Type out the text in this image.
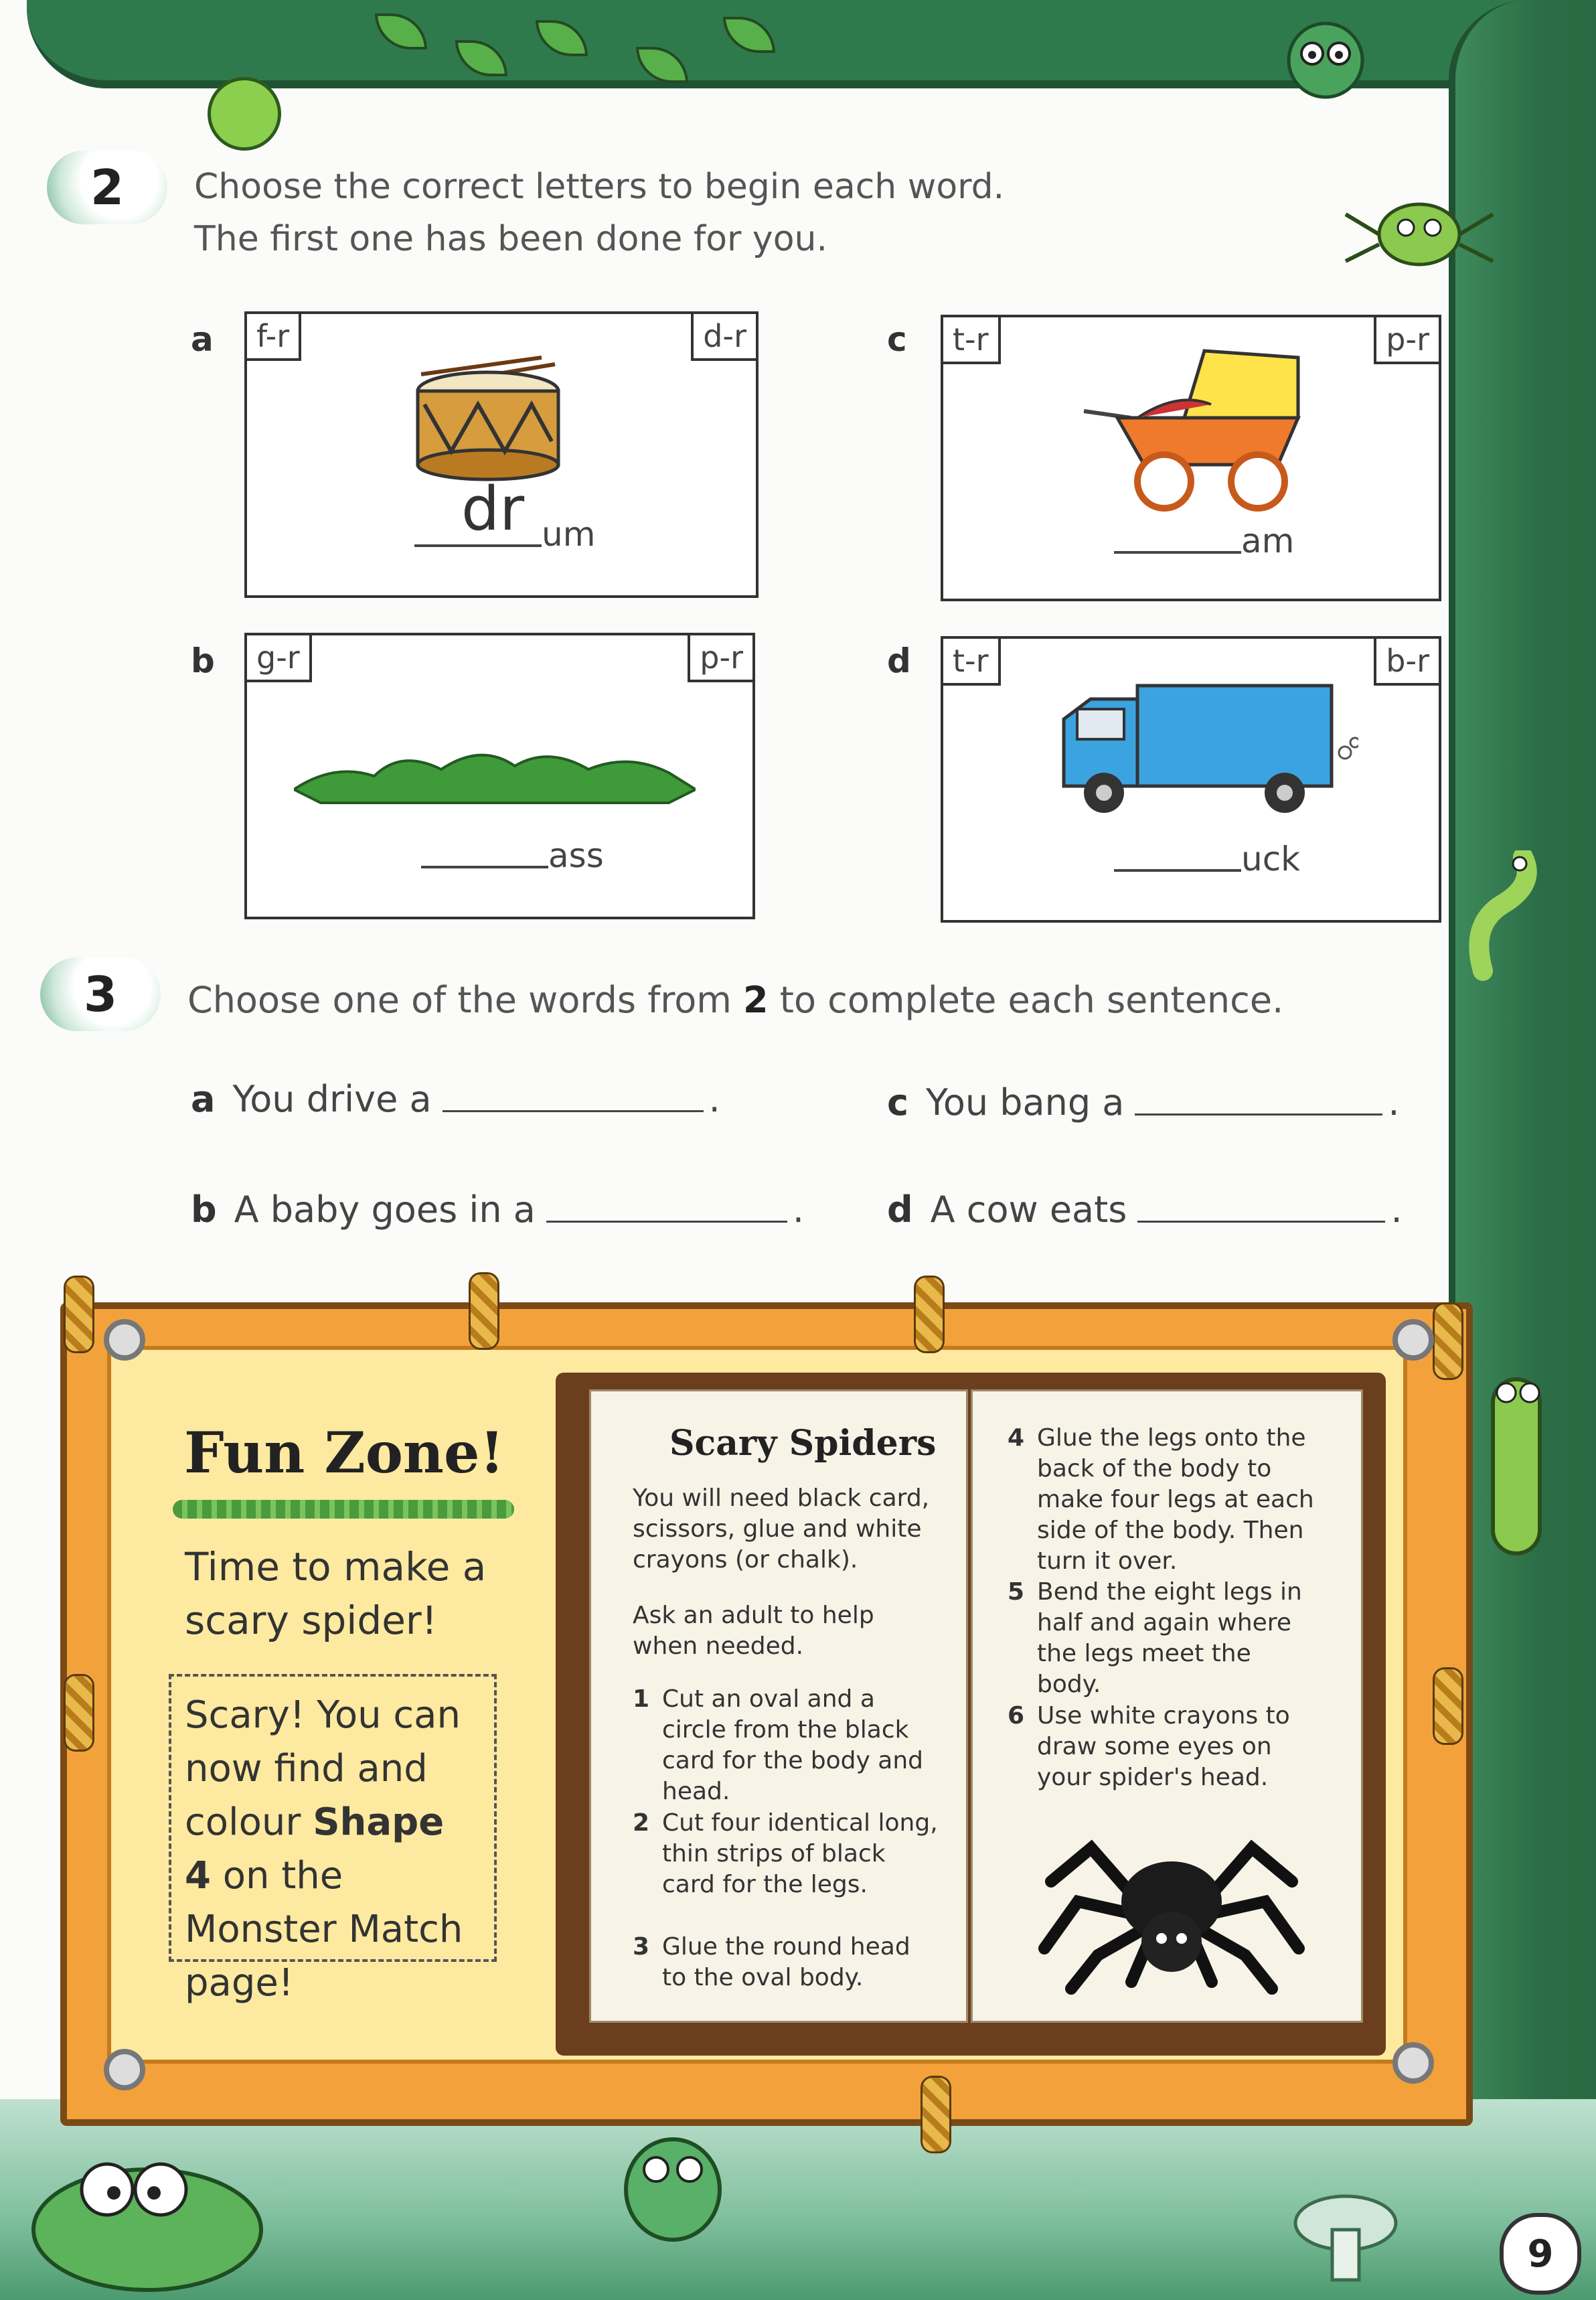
2	Choose the correct letters to begin each word.
The first one has been done for you.
a	f-r	d-r
dr um
c	t-r	p-r
am
b	g-r	p-r
ass
d	t-r	b-r
uck
3	Choose one of the words from 2 to complete each sentence.
a You drive a	.	c You bang a	.
b A baby goes in a	. d A cow eats	.
Fun Zone!
Time to make a scary spider!
Scary! You can now find and colour Shape 4 on the Monster Match page!
Scary Spiders
You will need black card, scissors, glue and white crayons (or chalk).
Ask an adult to help when needed.
1 Cut an oval and a circle from the black card for the body and head.
2 Cut four identical long, thin strips of black card for the legs.
3 Glue the round head to the oval body.
4 Glue the legs onto the back of the body to make four legs at each side of the body. Then turn it over.
5 Bend the eight legs in half and again where the legs meet the body.
6 Use white crayons to draw some eyes on your spider's head.
9
